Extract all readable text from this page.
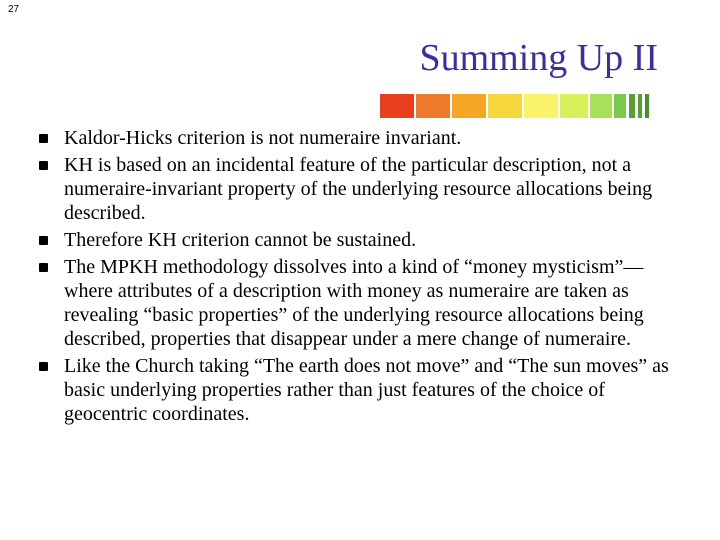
27
Summing Up II
Kaldor-Hicks criterion is not numeraire invariant.
KH is based on an incidental feature of the particular description, not a numeraire-invariant property of the underlying resource allocations being described.
Therefore KH criterion cannot be sustained.
The MPKH methodology dissolves into a kind of “money mysticism”—where attributes of a description with money as numeraire are taken as revealing “basic properties” of the underlying resource allocations being described, properties that disappear under a mere change of numeraire.
Like the Church taking “The earth does not move” and “The sun moves” as basic underlying properties rather than just features of the choice of geocentric coordinates.
